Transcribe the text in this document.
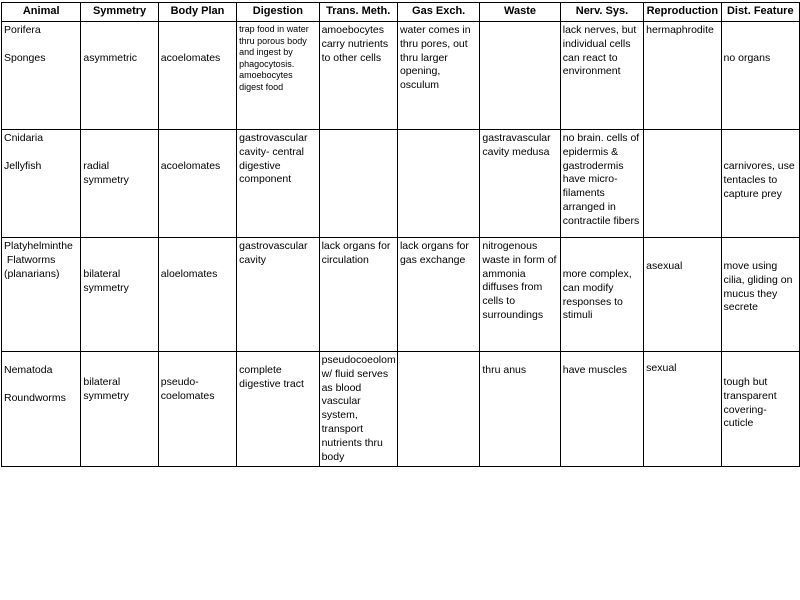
Animal	Symmetry	Body Plan	Digestion	Trans. Meth.	Gas Exch.	Waste	Nerv. Sys.	Reproduction	Dist. Feature

Porifera
Sponges	asymmetric	acoelomates	trap food in water thru porous body and ingest by phagocytosis. amoebocytes digest food	amoebocytes carry nutrients to other cells	water comes in thru pores, out thru larger opening, osculum		lack nerves, but individual cells can react to environment	hermaphrodite	no organs

Cnidaria
Jellyfish	radial symmetry	acoelomates	gastrovascular cavity- central digestive component			gastravascular cavity medusa	no brain. cells of epidermis & gastrodermis have micro-filaments arranged in contractile fibers		carnivores, use tentacles to capture prey

Platyhelminthe
Flatworms
(planarians)	bilateral symmetry	aloelomates	gastrovascular cavity	lack organs for circulation	lack organs for gas exchange	nitrogenous waste in form of ammonia diffuses from cells to surroundings	more complex, can modify responses to stimuli	asexual	move using cilia, gliding on mucus they secrete

Nematoda
Roundworms	bilateral symmetry	pseudo-coelomates	complete digestive tract	pseudocoeolom w/ fluid serves as blood vascular system, transport nutrients thru body		thru anus	have muscles	sexual	tough but transparent covering- cuticle
